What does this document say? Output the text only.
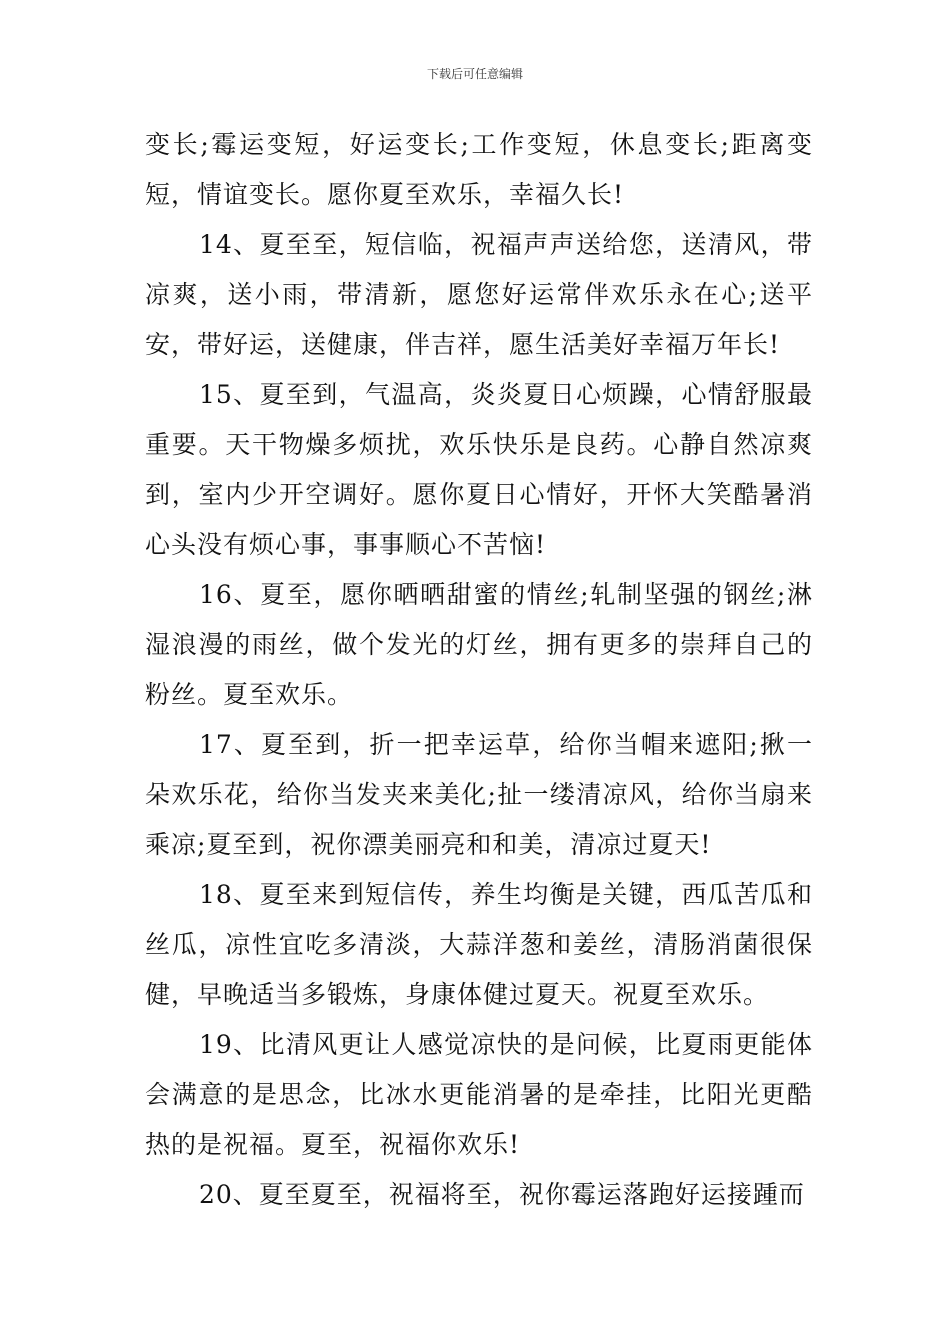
下载后可任意编辑

变长;霉运变短，好运变长;工作变短，休息变长;距离变短，情谊变长。愿你夏至欢乐，幸福久长!

14、夏至至，短信临，祝福声声送给您，送清风，带凉爽，送小雨，带清新，愿您好运常伴欢乐永在心;送平安，带好运，送健康，伴吉祥，愿生活美好幸福万年长!

15、夏至到，气温高，炎炎夏日心烦躁，心情舒服最重要。天干物燥多烦扰，欢乐快乐是良药。心静自然凉爽到，室内少开空调好。愿你夏日心情好，开怀大笑酷暑消心头没有烦心事，事事顺心不苦恼!

16、夏至，愿你晒晒甜蜜的情丝;轧制坚强的钢丝;淋湿浪漫的雨丝，做个发光的灯丝，拥有更多的崇拜自己的粉丝。夏至欢乐。

17、夏至到，折一把幸运草，给你当帽来遮阳;揪一朵欢乐花，给你当发夹来美化;扯一缕清凉风，给你当扇来乘凉;夏至到，祝你漂美丽亮和和美，清凉过夏天!

18、夏至来到短信传，养生均衡是关键，西瓜苦瓜和丝瓜，凉性宜吃多清淡，大蒜洋葱和姜丝，清肠消菌很保健，早晚适当多锻炼，身康体健过夏天。祝夏至欢乐。

19、比清风更让人感觉凉快的是问候，比夏雨更能体会满意的是思念，比冰水更能消暑的是牵挂，比阳光更酷热的是祝福。夏至，祝福你欢乐!

20、夏至夏至，祝福将至，祝你霉运落跑好运接踵而
